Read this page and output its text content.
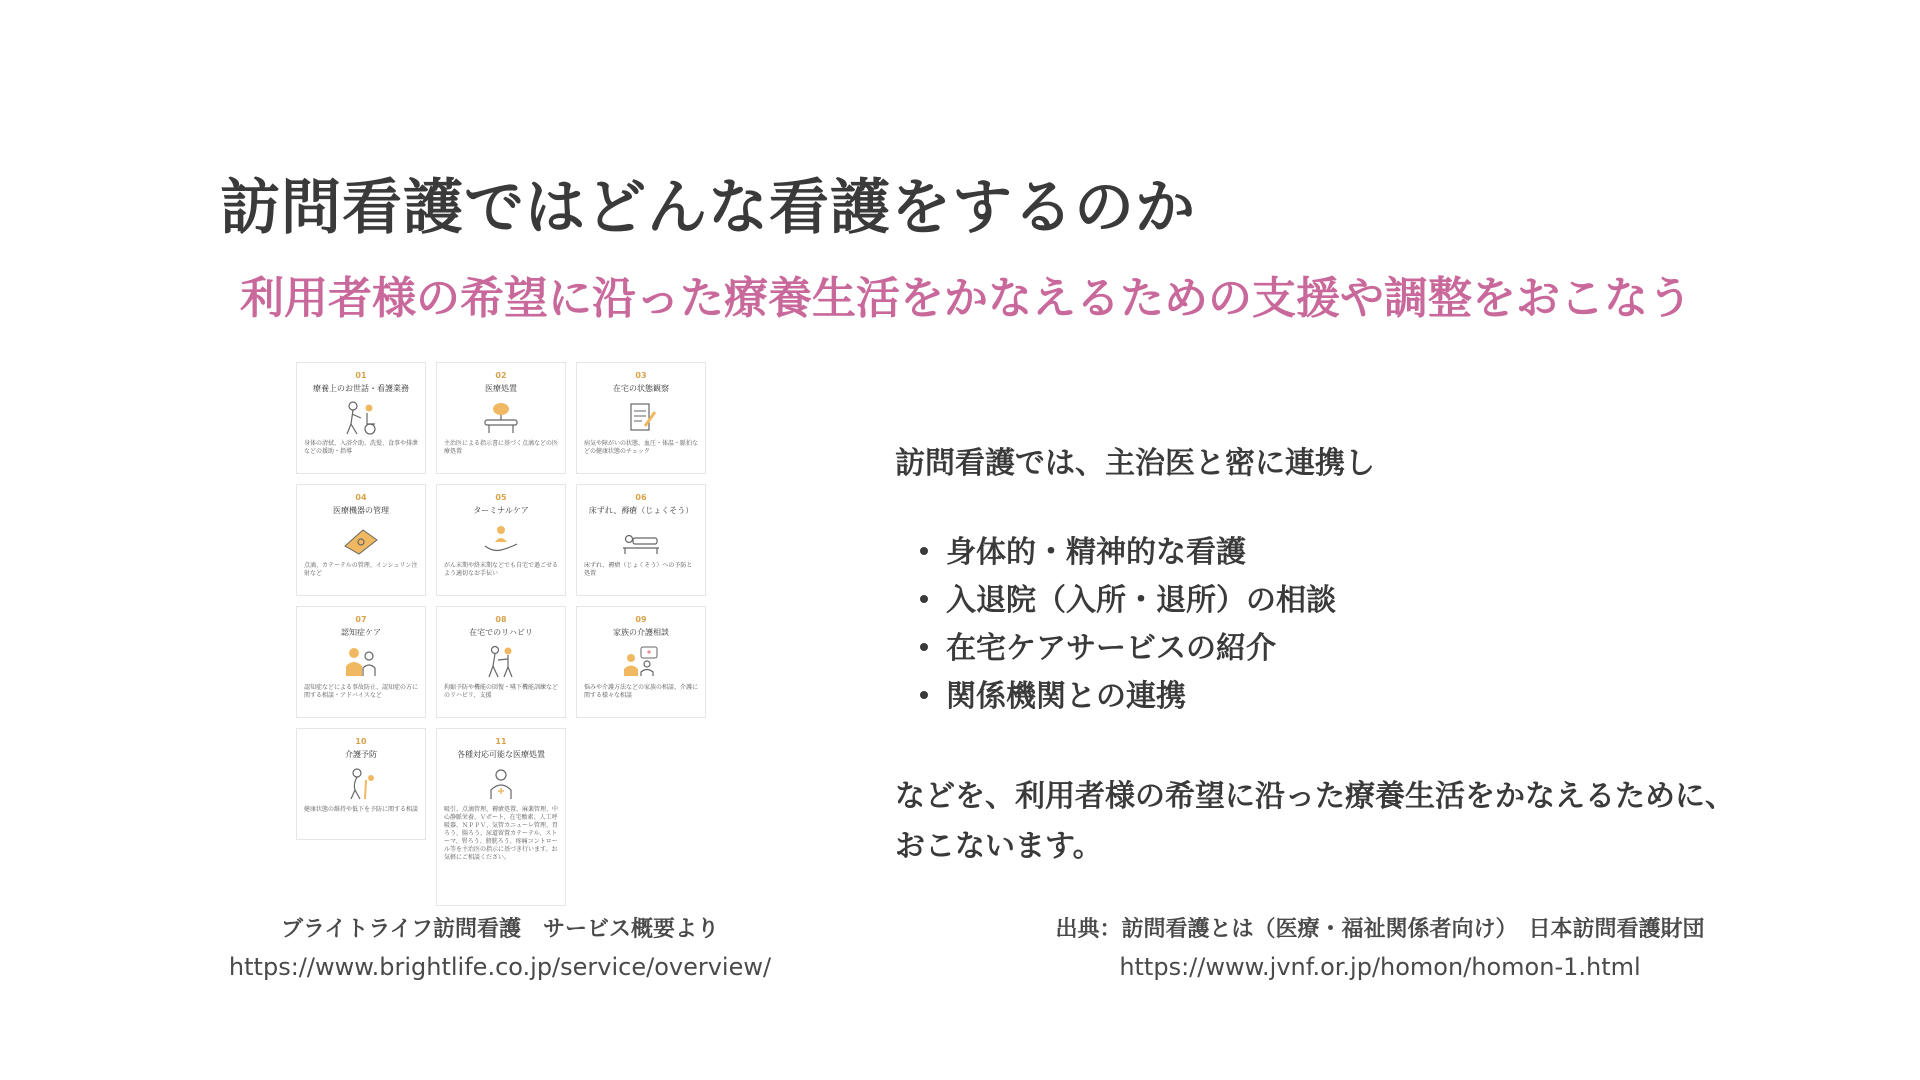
訪問看護ではどんな看護をするのか
利用者様の希望に沿った療養生活をかなえるための支援や調整をおこなう
01
療養上のお世話・看護業務
身体の清拭、入浴介助、洗髪、食事や排泄などの援助・指導
02
医療処置
主治医による指示書に基づく点滴などの医療処置
03
在宅の状態観察
病気や障がいの状態、血圧・体温・脈拍などの健康状態のチェック
04
医療機器の管理
点滴、カテーテルの管理、インシュリン注射など
05
ターミナルケア
がん末期や終末期などでも自宅で過ごせるよう適切なお手伝い
06
床ずれ、褥瘡（じょくそう）
床ずれ、褥瘡（じょくそう）への予防と処置
07
認知症ケア
認知症などによる事故防止、認知症の方に関する相談・アドバイスなど
08
在宅でのリハビリ
拘縮予防や機能の回復・嚥下機能訓練などのリハビリ、支援
09
家族の介護相談
悩みや介護方法などの家族の相談、介護に関する様々な相談
10
介護予防
健康状態の維持や低下を予防に関する相談
11
各種対応可能な医療処置
吸引、点滴管理、褥瘡処置、麻薬管理、中心静脈栄養、Ｖポート、在宅酸素、人工呼吸器、ＮＰＰＶ、気管カニューレ管理、胃ろう、腸ろう、尿道留置カテーテル、ストーマ、腎ろう、膀胱ろう、疼痛コントロール等を主治医の指示に基づき行います。お気軽にご相談ください。
訪問看護では、主治医と密に連携し
身体的・精神的な看護
入退院（入所・退所）の相談
在宅ケアサービスの紹介
関係機関との連携
などを、利用者様の希望に沿った療養生活をかなえるために、おこないます。
ブライトライフ訪問看護　サービス概要より
https://www.brightlife.co.jp/service/overview/
出典：訪問看護とは（医療・福祉関係者向け）　日本訪問看護財団
https://www.jvnf.or.jp/homon/homon-1.html
